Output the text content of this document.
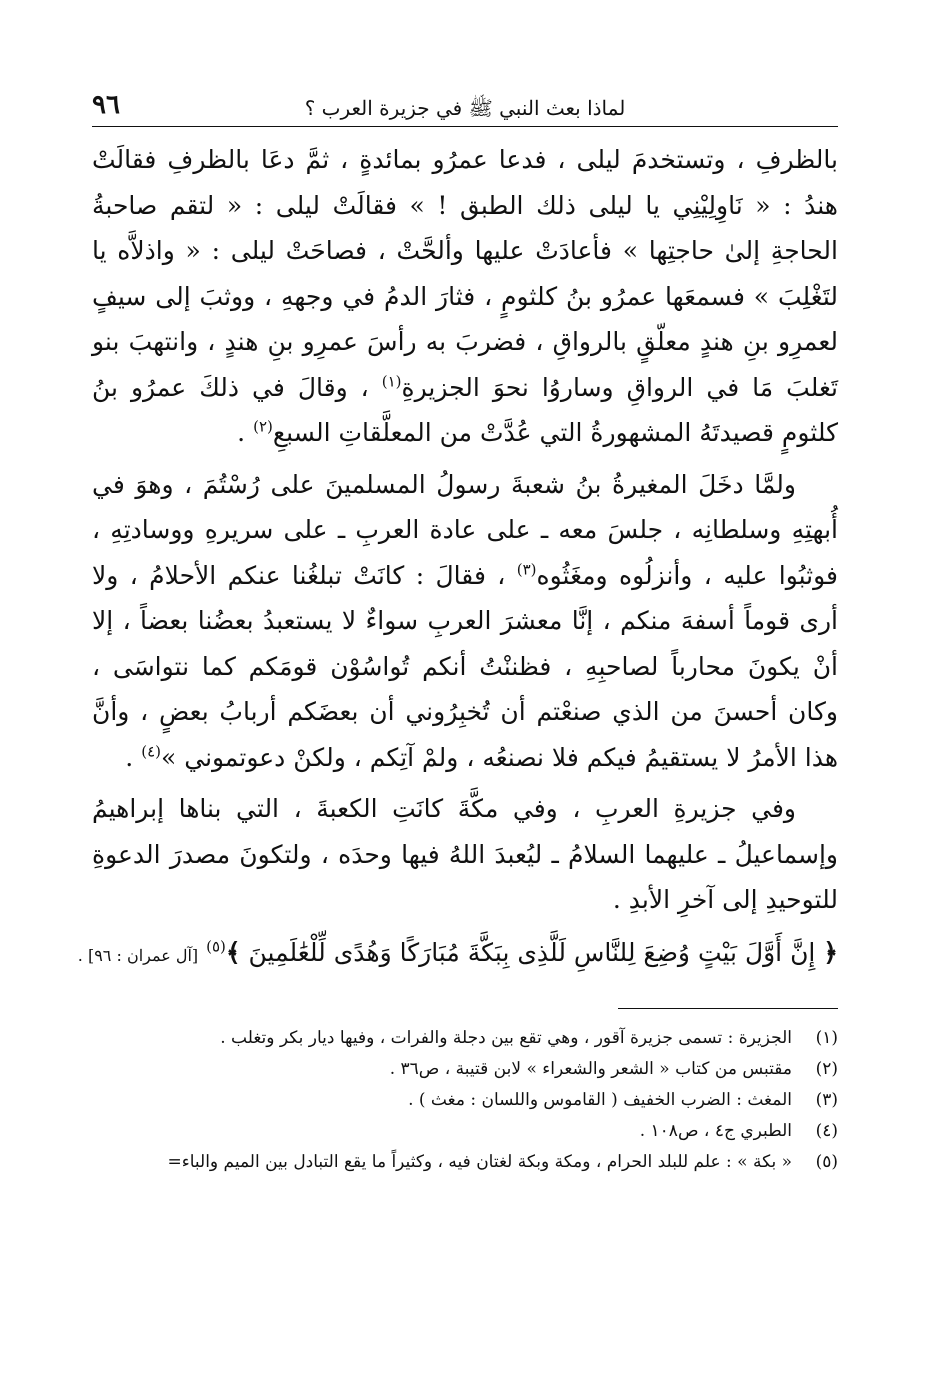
٩٦	لماذا بعث النبي ﷺ في جزيرة العرب ؟

بالظرفِ ، وتستخدمَ ليلى ، فدعا عمرُو بمائدةٍ ، ثمَّ دعَا بالظرفِ فقالَتْ هندُ : « نَاوِلِيْنِي يا ليلى ذلك الطبق ! » فقالَتْ ليلى : « لتقم صاحبةُ الحاجةِ إلىٰ حاجتِها » فأعادَتْ عليها وألحَّتْ ، فصاحَتْ ليلى : « واذلاَّه يا لتَغْلِبَ » فسمعَها عمرُو بنُ كلثومٍ ، فثارَ الدمُ في وجههِ ، ووثبَ إلى سيفٍ لعمرِو بنِ هندٍ معلّقٍ بالرواقِ ، فضربَ به رأسَ عمرِو بنِ هندٍ ، وانتهبَ بنو تَغلبَ مَا في الرواقِ وساروُا نحوَ الجزيرةِ$^{(١)}$ ، وقالَ في ذلكَ عمرُو بنُ كلثومٍ قصيدتَهُ المشهورةُ التي عُدَّتْ من المعلَّقاتِ السبعِ$^{(٢)}$ .

ولمَّا دخَلَ المغيرةُ بنُ شعبةَ رسولُ المسلمينَ على رُسْتُمَ ، وهوَ في أُبهتِهِ وسلطانِه ، جلسَ معه ـ على عادة العربِ ـ على سريرهِ ووسادتِهِ ، فوثبُوا عليه ، وأنزلُوه ومغَثُوه$^{(٣)}$ ، فقالَ : كانَتْ تبلغُنا عنكم الأحلامُ ، ولا أرى قوماً أسفهَ منكم ، إنَّا معشرَ العربِ سواءٌ لا يستعبدُ بعضُنا بعضاً ، إلا أنْ يكونَ محارباً لصاحبِهِ ، فظننْتُ أنكم تُواسُوْن قومَكم كما نتواسَى ، وكان أحسنَ من الذي صنعْتم أن تُخبِرُوني أن بعضَكم أربابُ بعضٍ ، وأنَّ هذا الأمرُ لا يستقيمُ فيكم فلا نصنعُه ، ولمْ آتِكم ، ولكنْ دعوتموني »$^{(٤)}$ .

وفي جزيرةِ العربِ ، وفي مكَّةَ كانَتِ الكعبةَ ، التي بناها إبراهيمُ وإسماعيلُ ـ عليهما السلامُ ـ ليُعبدَ اللهُ فيها وحدَه ، ولتكونَ مصدرَ الدعوةِ للتوحيدِ إلى آخرِ الأبدِ .

﴿ إِنَّ أَوَّلَ بَيْتٍ وُضِعَ لِلنَّاسِ لَلَّذِى بِبَكَّةَ مُبَارَكًا وَهُدًى لِّلْعَٰلَمِينَ ﴾$^{(٥)}$ [آل عمران : ٩٦] .

(١)
الجزيرة : تسمى جزيرة آقور ، وهي تقع بين دجلة والفرات ، وفيها ديار بكر وتغلب .
(٢)
مقتبس من كتاب « الشعر والشعراء » لابن قتيبة ، ص٣٦ .
(٣)
المغث : الضرب الخفيف ( القاموس واللسان : مغث ) .
(٤)
الطبري ج٤ ، ص١٠٨ .
(٥)
« بكة » : علم للبلد الحرام ، ومكة وبكة لغتان فيه ، وكثيراً ما يقع التبادل بين الميم والباء=
